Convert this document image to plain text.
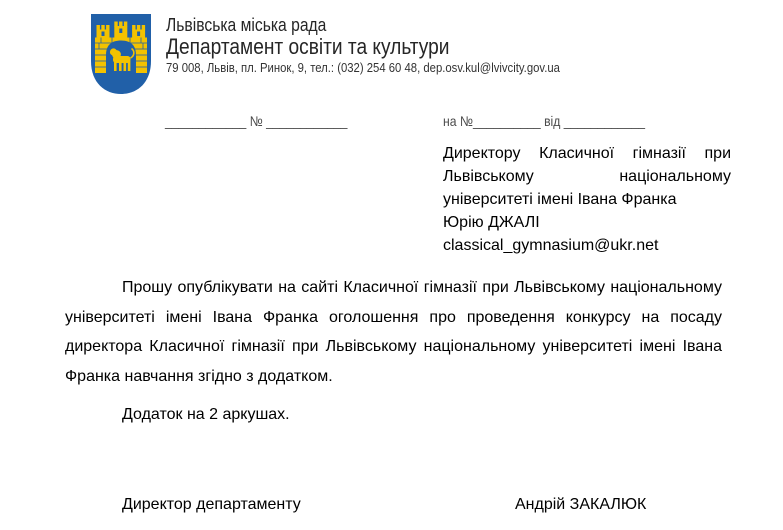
Львівська міська рада
Департамент освіти та культури
79 008, Львів, пл. Ринок, 9, тел.: (032) 254 60 48, dep.osv.kul@lvivcity.gov.ua
____________ № ____________	на №__________ від ____________
Директору Класичної гімназії при
Львівському національному
університеті імені Івана Франка
Юрію ДЖАЛІ
classical_gymnasium@ukr.net
Прошу опублікувати на сайті Класичної гімназії при Львівському національному
університеті імені Івана Франка оголошення про проведення конкурсу на посаду
директора Класичної гімназії при Львівському національному університеті імені Івана
Франка навчання згідно з додатком.
Додаток на 2 аркушах.
Директор департаменту	Андрій ЗАКАЛЮК
